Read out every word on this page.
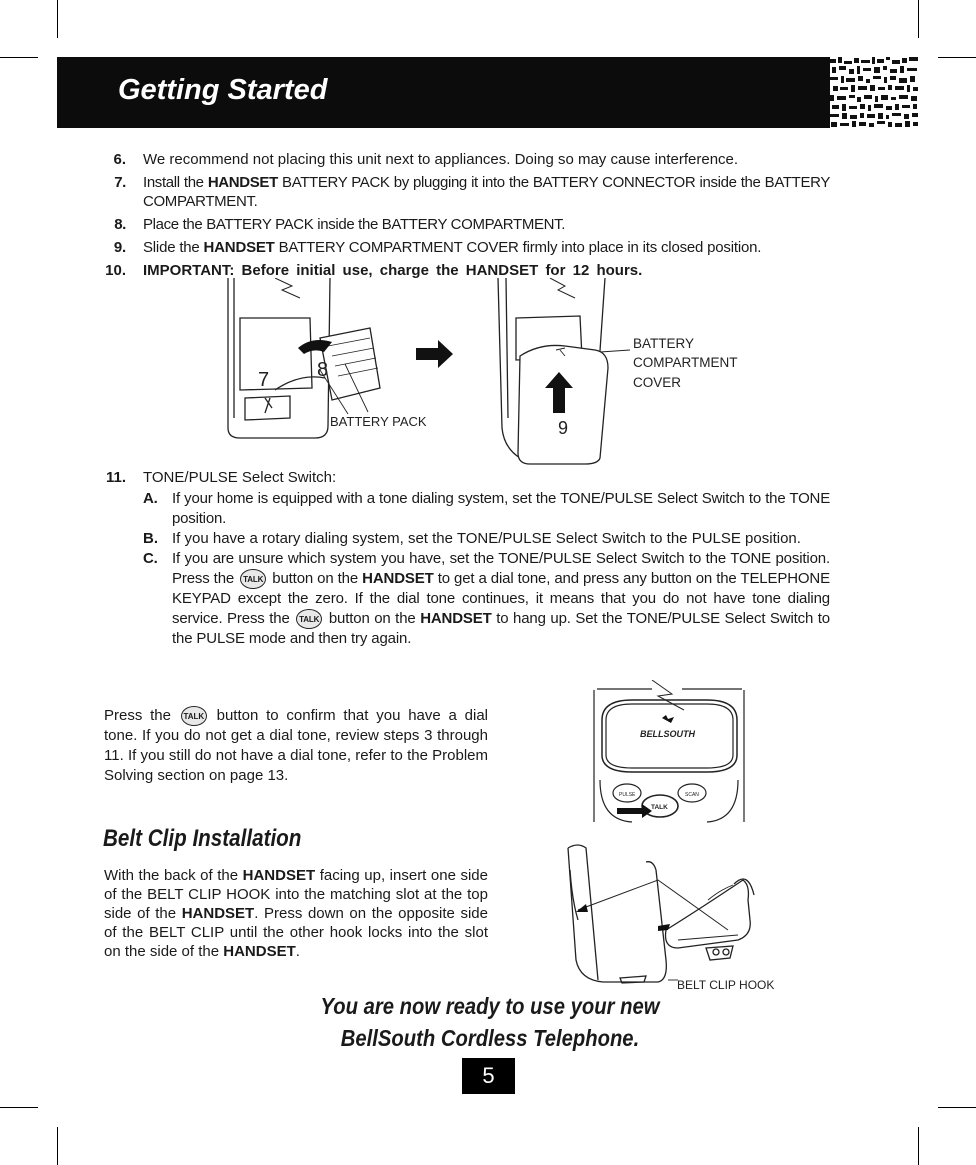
Getting Started
6. We recommend not placing this unit next to appliances. Doing so may cause interference.
7. Install the HANDSET BATTERY PACK by plugging it into the BATTERY CONNECTOR inside the BATTERY COMPARTMENT.
8. Place the BATTERY PACK inside the BATTERY COMPARTMENT.
9. Slide the HANDSET BATTERY COMPARTMENT COVER firmly into place in its closed position.
10. IMPORTANT: Before initial use, charge the HANDSET for 12 hours.
8
7
BATTERY PACK	9
BATTERY
COMPARTMENT
COVER
11. TONE/PULSE Select Switch:
A. If your home is equipped with a tone dialing system, set the TONE/PULSE Select Switch to the TONE position.
B. If you have a rotary dialing system, set the TONE/PULSE Select Switch to the PULSE position.
C. If you are unsure which system you have, set the TONE/PULSE Select Switch to the TONE position. Press the TALK button on the HANDSET to get a dial tone, and press any button on the TELEPHONE KEYPAD except the zero. If the dial tone continues, it means that you do not have tone dialing service. Press the TALK button on the HANDSET to hang up. Set the TONE/PULSE Select Switch to the PULSE mode and then try again.
Press the TALK button to confirm that you have a dial tone. If you do not get a dial tone, review steps 3 through 11. If you still do not have a dial tone, refer to the Problem Solving section on page 13.
BELLSOUTH
PULSE	SCAN
TALK
Belt Clip Installation
With the back of the HANDSET facing up, insert one side of the BELT CLIP HOOK into the matching slot at the top side of the HANDSET. Press down on the opposite side of the BELT CLIP until the other hook locks into the slot on the side of the HANDSET.
BELT CLIP HOOK
You are now ready to use your new
BellSouth Cordless Telephone.
5
